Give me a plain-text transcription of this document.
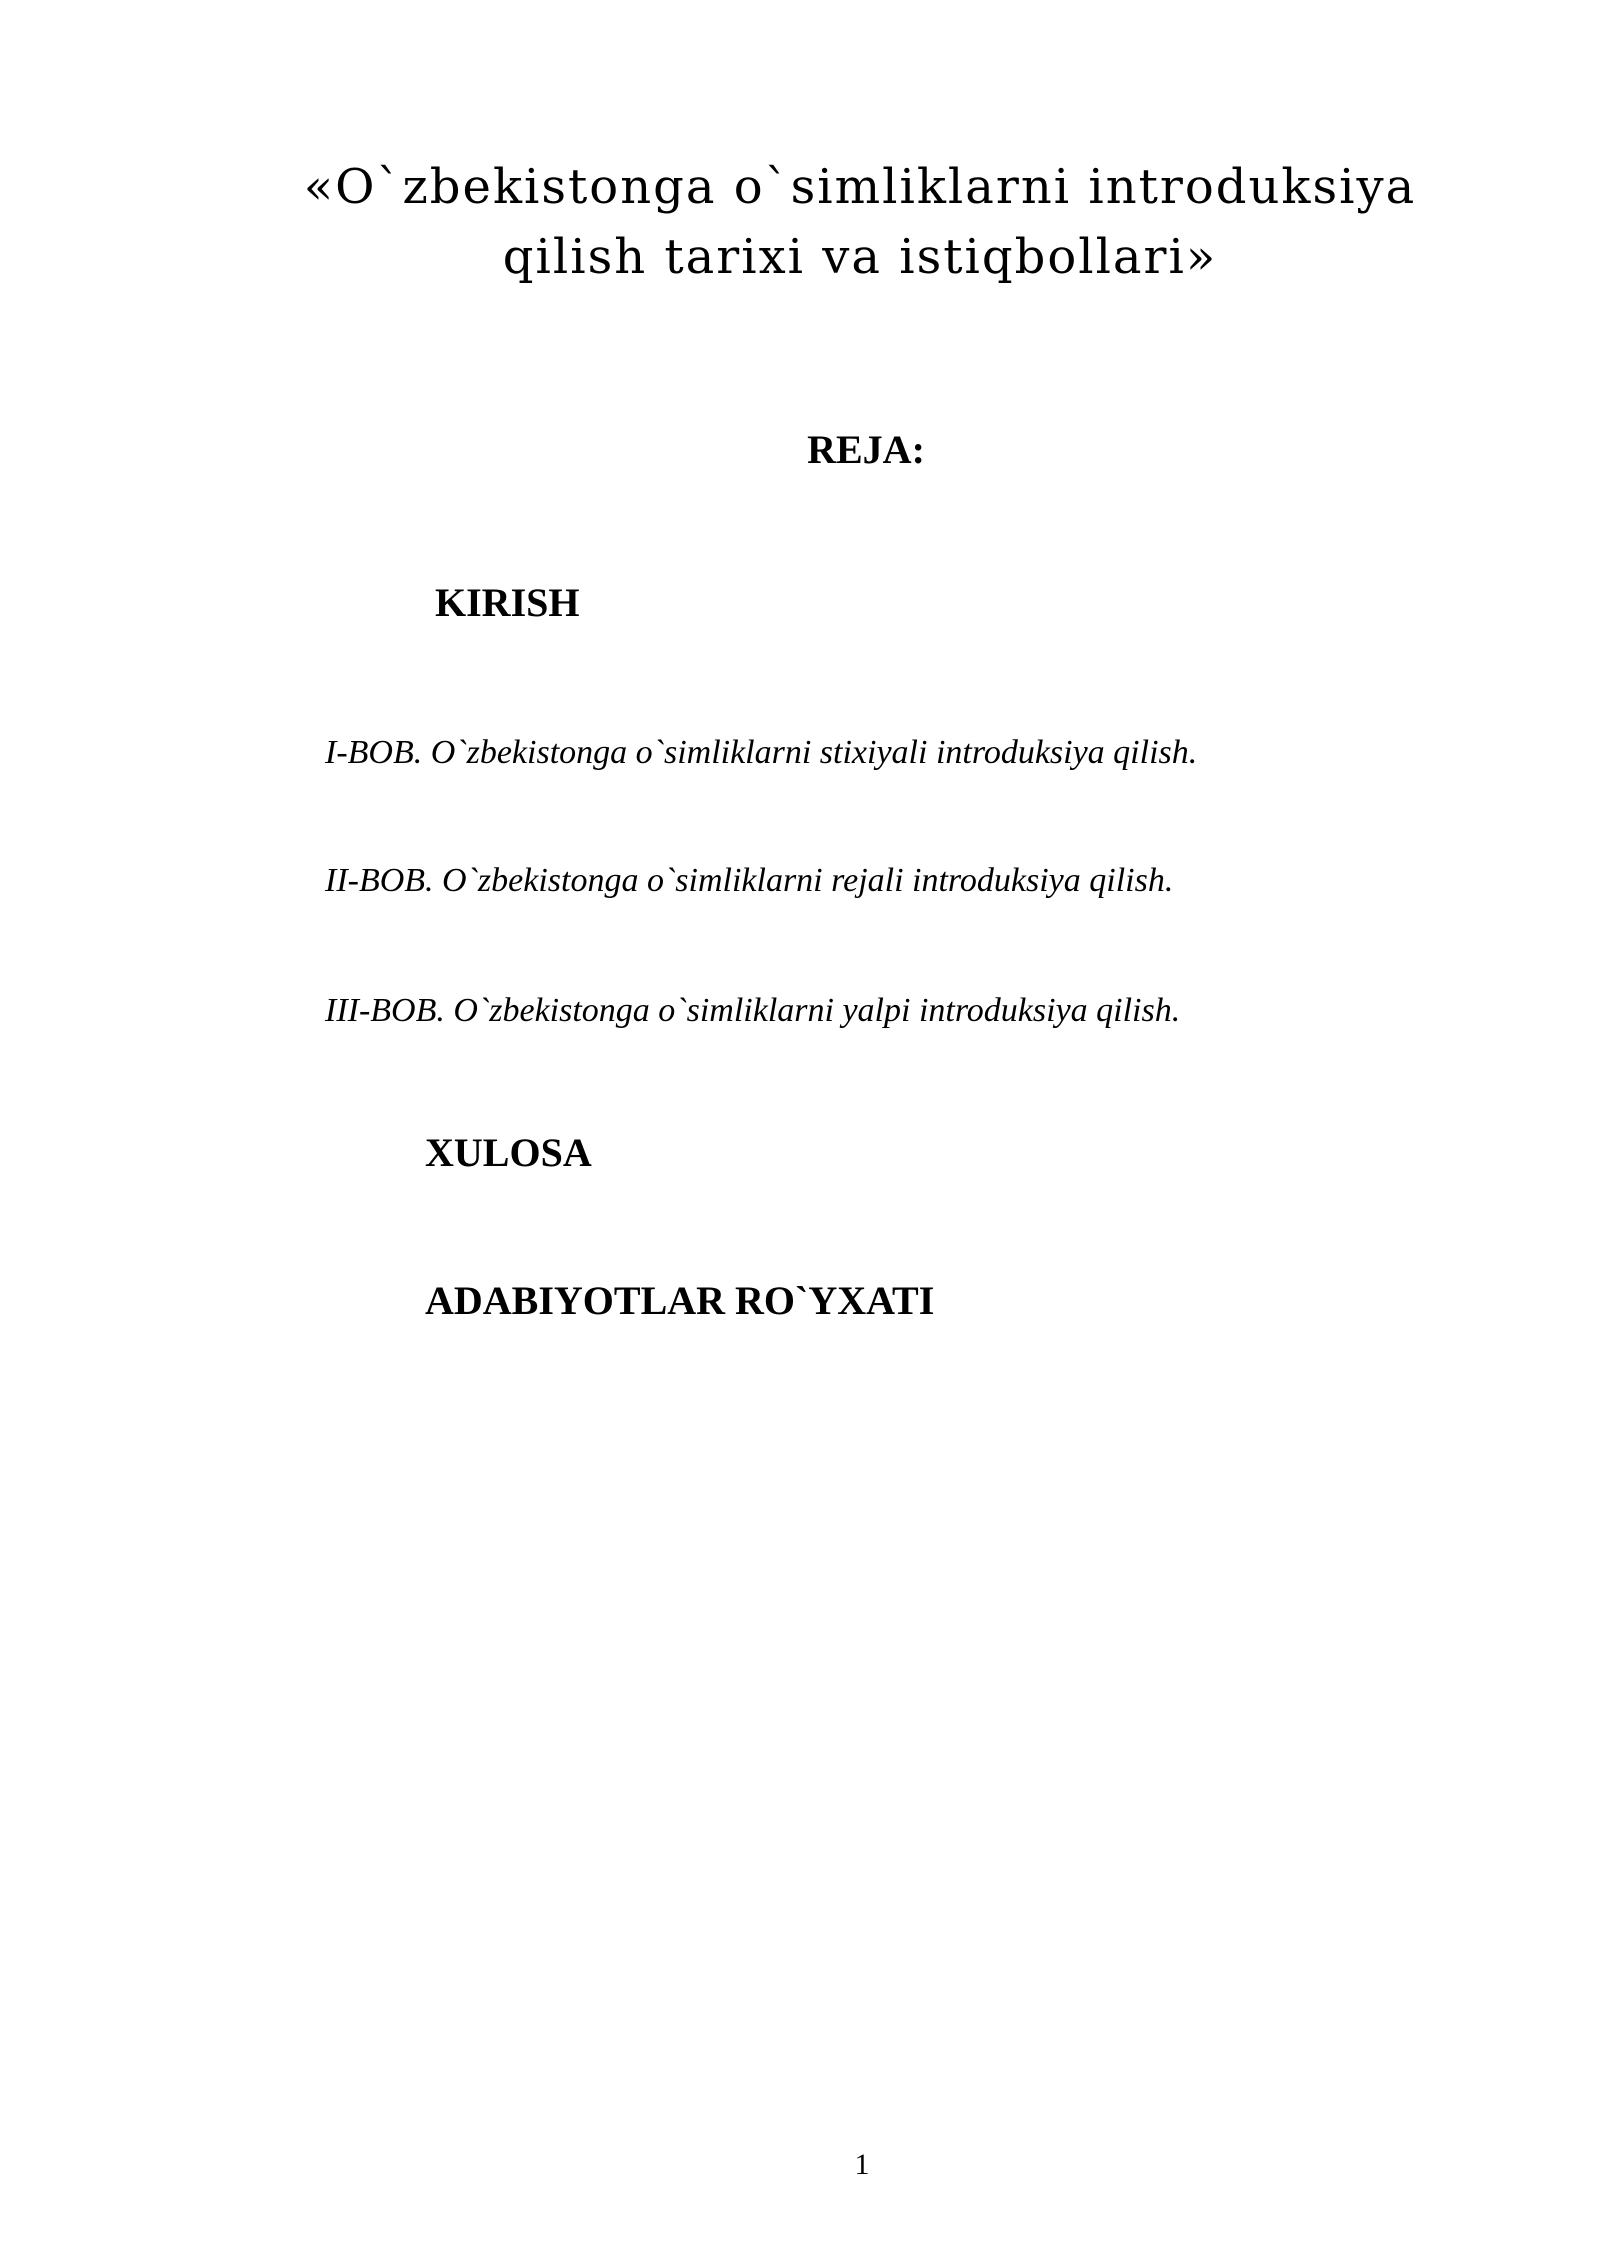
«O`zbekistonga o`simliklarni introduksiya
qilish tarixi va istiqbollari»
REJA:
KIRISH
I-BOB. O`zbekistonga o`simliklarni stixiyali introduksiya qilish.
II-BOB. O`zbekistonga o`simliklarni rejali introduksiya qilish.
III-BOB. O`zbekistonga o`simliklarni yalpi introduksiya qilish.
XULOSA
ADABIYOTLAR RO`YXATI
1
